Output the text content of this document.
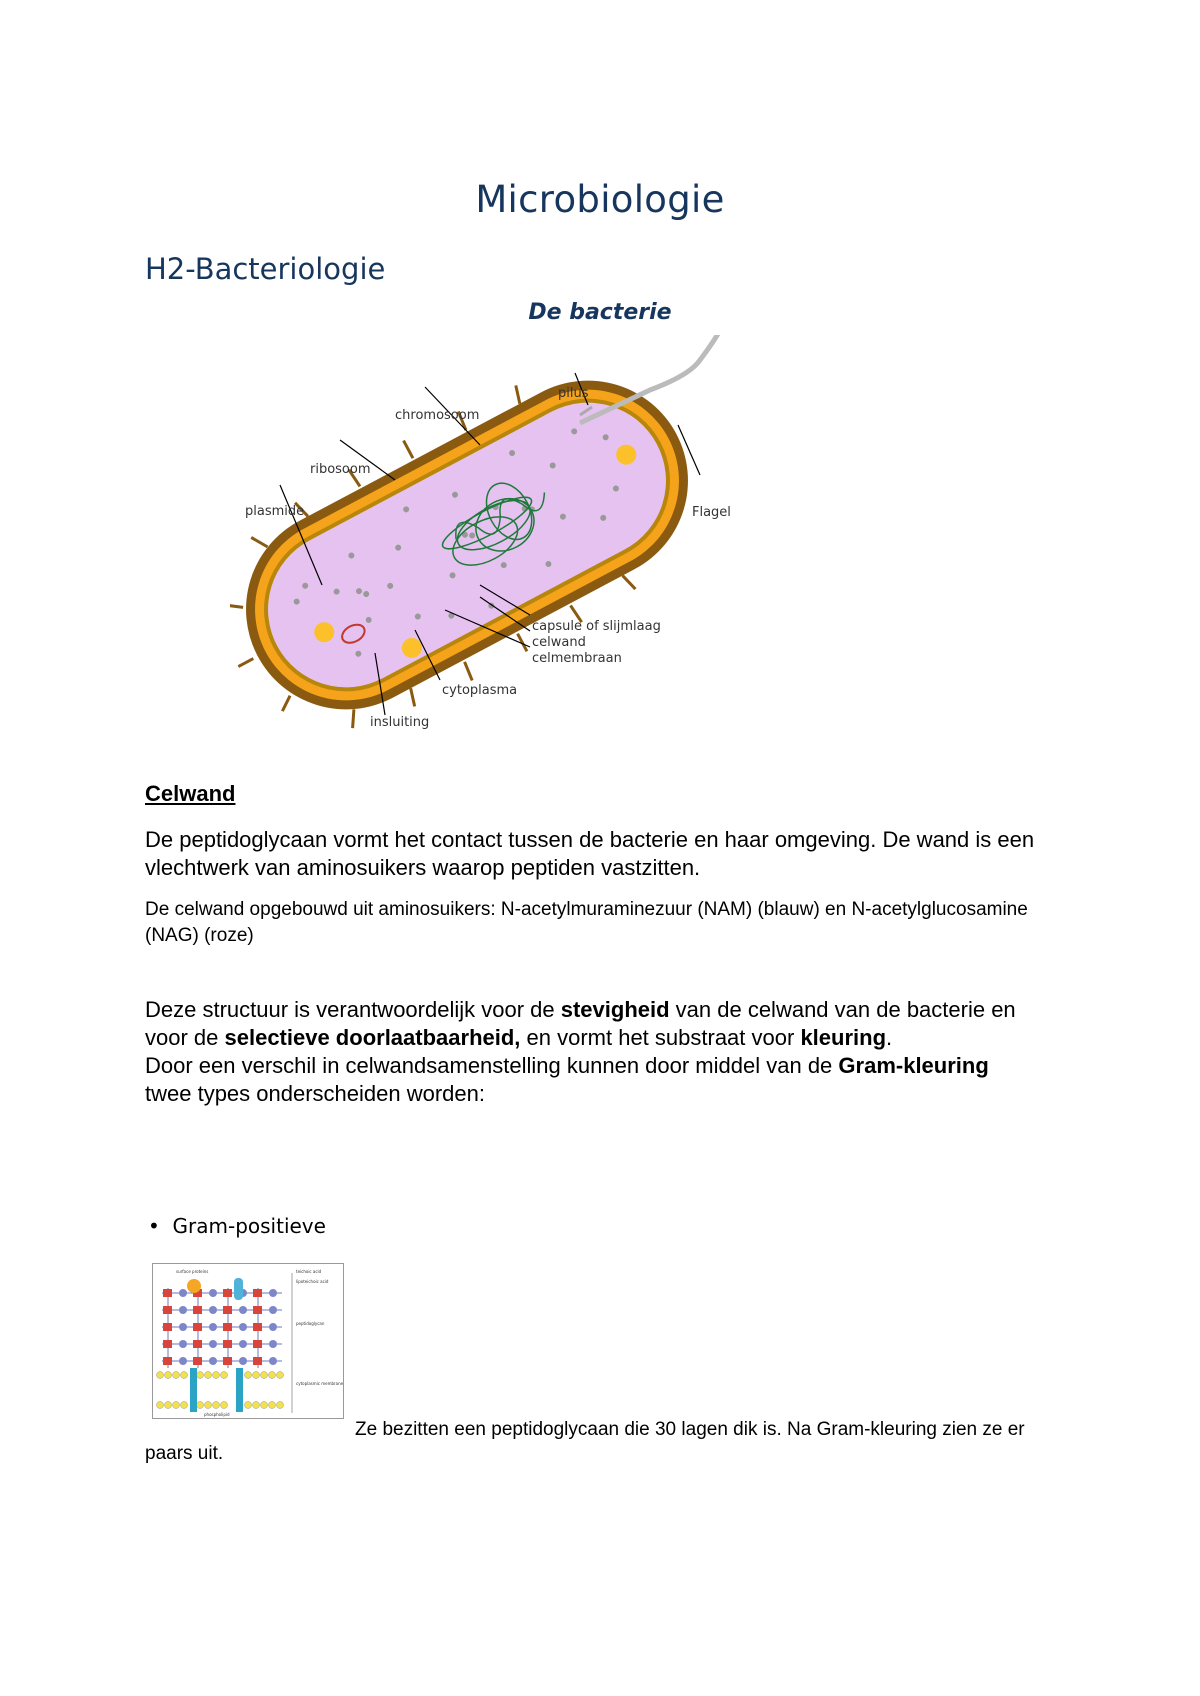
Microbiologie
H2-Bacteriologie
De bacterie
chromosoom
pilus
ribosoom
plasmide	Flagel
capsule of slijmlaag
celwand
celmembraan
cytoplasma
insluiting
Celwand
De peptidoglycaan vormt het contact tussen de bacterie en haar omgeving. De wand is een vlechtwerk van aminosuikers waarop peptiden vastzitten.
De celwand opgebouwd uit aminosuikers: N-acetylmuraminezuur (NAM) (blauw) en N-acetylglucosamine (NAG) (roze)
Deze structuur is verantwoordelijk voor de stevigheid van de celwand van de bacterie en
voor de selectieve doorlaatbaarheid, en vormt het substraat voor kleuring.
Door een verschil in celwandsamenstelling kunnen door middel van de Gram-kleuring
twee types onderscheiden worden:
•  Gram-positieve
surface proteins	teichoic acid
lipoteichoic acid
peptidoglycan
cytoplasmic membrane
phospholipid
Ze bezitten een peptidoglycaan die 30 lagen dik is. Na Gram-kleuring zien ze er paars uit.
